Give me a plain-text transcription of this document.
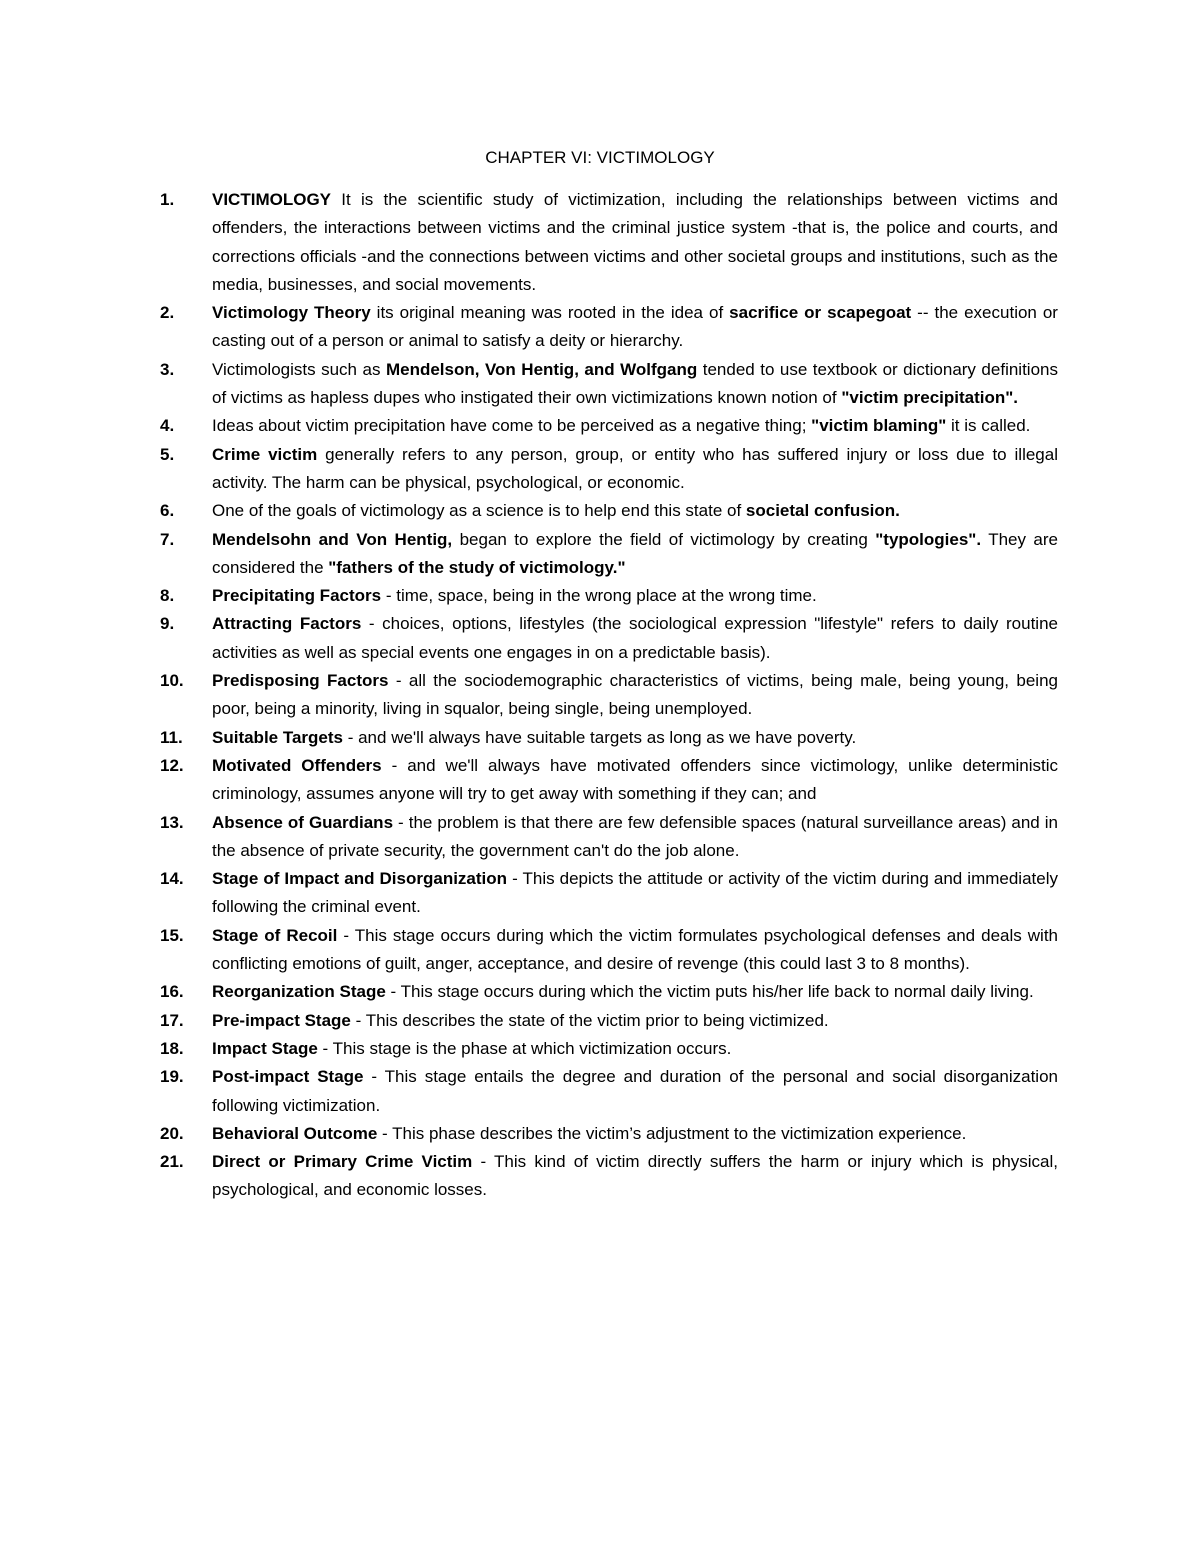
CHAPTER VI: VICTIMOLOGY
1. VICTIMOLOGY It is the scientific study of victimization, including the relationships between victims and offenders, the interactions between victims and the criminal justice system -that is, the police and courts, and corrections officials -and the connections between victims and other societal groups and institutions, such as the media, businesses, and social movements.
2. Victimology Theory its original meaning was rooted in the idea of sacrifice or scapegoat -- the execution or casting out of a person or animal to satisfy a deity or hierarchy.
3. Victimologists such as Mendelson, Von Hentig, and Wolfgang tended to use textbook or dictionary definitions of victims as hapless dupes who instigated their own victimizations known notion of "victim precipitation".
4. Ideas about victim precipitation have come to be perceived as a negative thing; "victim blaming" it is called.
5. Crime victim generally refers to any person, group, or entity who has suffered injury or loss due to illegal activity. The harm can be physical, psychological, or economic.
6. One of the goals of victimology as a science is to help end this state of societal confusion.
7. Mendelsohn and Von Hentig, began to explore the field of victimology by creating "typologies". They are considered the "fathers of the study of victimology."
8. Precipitating Factors - time, space, being in the wrong place at the wrong time.
9. Attracting Factors - choices, options, lifestyles (the sociological expression "lifestyle" refers to daily routine activities as well as special events one engages in on a predictable basis).
10. Predisposing Factors - all the sociodemographic characteristics of victims, being male, being young, being poor, being a minority, living in squalor, being single, being unemployed.
11. Suitable Targets - and we'll always have suitable targets as long as we have poverty.
12. Motivated Offenders - and we'll always have motivated offenders since victimology, unlike deterministic criminology, assumes anyone will try to get away with something if they can; and
13. Absence of Guardians - the problem is that there are few defensible spaces (natural surveillance areas) and in the absence of private security, the government can't do the job alone.
14. Stage of Impact and Disorganization - This depicts the attitude or activity of the victim during and immediately following the criminal event.
15. Stage of Recoil - This stage occurs during which the victim formulates psychological defenses and deals with conflicting emotions of guilt, anger, acceptance, and desire of revenge (this could last 3 to 8 months).
16. Reorganization Stage - This stage occurs during which the victim puts his/her life back to normal daily living.
17. Pre-impact Stage - This describes the state of the victim prior to being victimized.
18. Impact Stage - This stage is the phase at which victimization occurs.
19. Post-impact Stage - This stage entails the degree and duration of the personal and social disorganization following victimization.
20. Behavioral Outcome - This phase describes the victim’s adjustment to the victimization experience.
21. Direct or Primary Crime Victim - This kind of victim directly suffers the harm or injury which is physical, psychological, and economic losses.
